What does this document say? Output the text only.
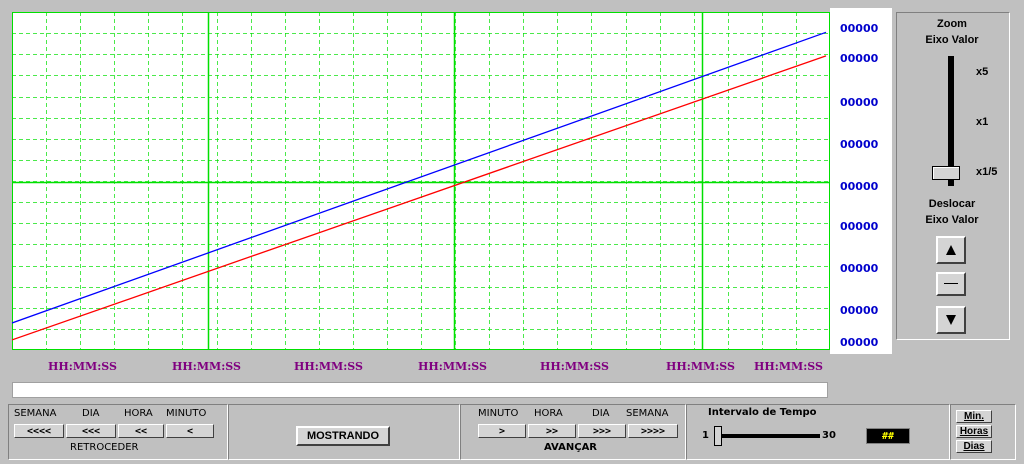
00000
00000
00000
00000
00000
00000
00000
00000
00000
HH:MM:SS	HH:MM:SS	HH:MM:SS	HH:MM:SS	HH:MM:SS	HH:MM:SS HH:MM:SS
Zoom
Eixo Valor
x5
x1
x1/5
Deslocar
Eixo Valor
SEMANA	DIA HORA MINUTO
<<<<	<<<	<<	<
RETROCEDER
MOSTRANDO
MINUTO HORA	DIA SEMANA
>	>>	>>>	>>>>
AVANÇAR
Intervalo de Tempo
1	30	##
Min.
Horas
Dias
